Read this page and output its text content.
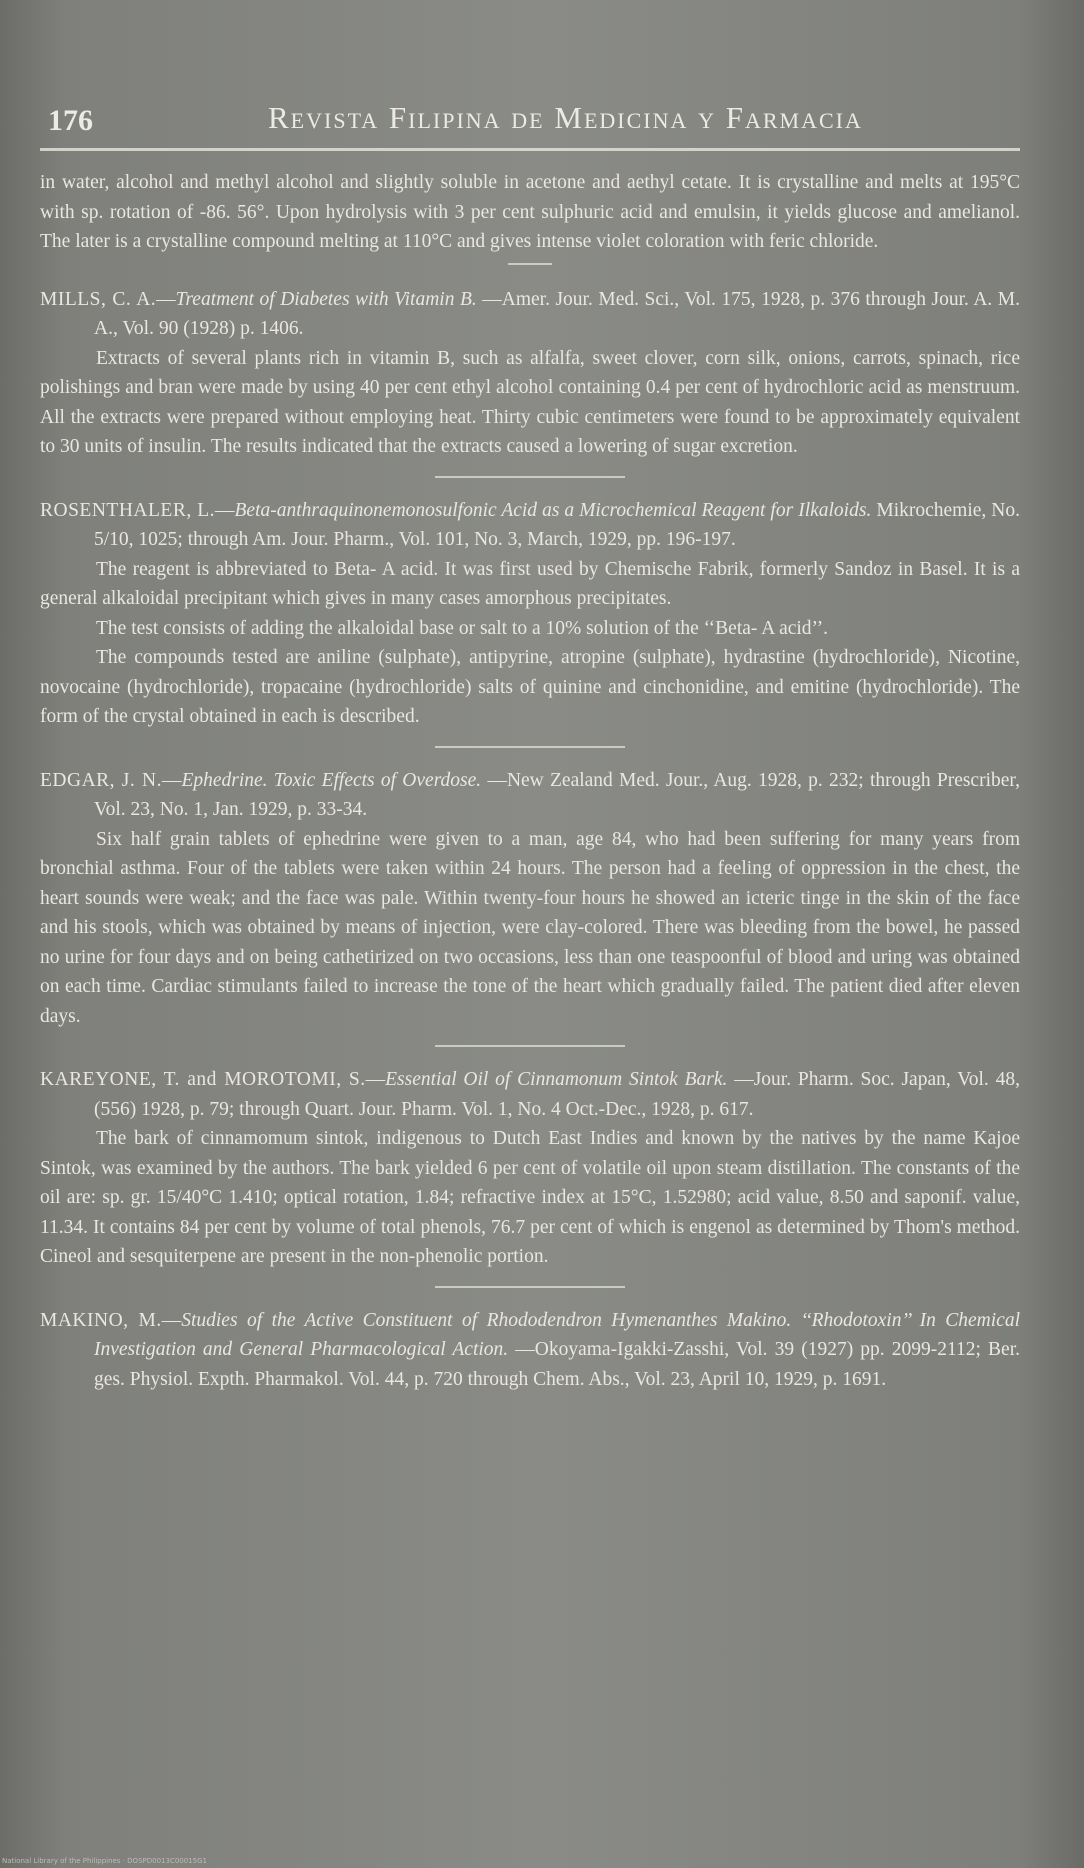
176	Revista Filipina de Medicina y Farmacia

in water, alcohol and methyl alcohol and slightly soluble in acetone and aethyl cetate. It is crystalline and melts at 195°C with sp. rotation of -86. 56°. Upon hydrolysis with 3 per cent sulphuric acid and emulsin, it yields glucose and amelianol. The later is a crystalline compound melting at 110°C and gives intense violet coloration with feric chloride.

MILLS, C. A.—Treatment of Diabetes with Vitamin B. —Amer. Jour. Med. Sci., Vol. 175, 1928, p. 376 through Jour. A. M. A., Vol. 90 (1928) p. 1406.

Extracts of several plants rich in vitamin B, such as alfalfa, sweet clover, corn silk, onions, carrots, spinach, rice polishings and bran were made by using 40 per cent ethyl alcohol containing 0.4 per cent of hydrochloric acid as menstruum. All the extracts were prepared without employing heat. Thirty cubic centimeters were found to be approximately equivalent to 30 units of insulin. The results indicated that the extracts caused a lowering of sugar excretion.

ROSENTHALER, L.—Beta-anthraquinonemonosulfonic Acid as a Microchemical Reagent for Ilkaloids. Mikrochemie, No. 5/10, 1025; through Am. Jour. Pharm., Vol. 101, No. 3, March, 1929, pp. 196-197.

The reagent is abbreviated to Beta- A acid. It was first used by Chemische Fabrik, formerly Sandoz in Basel. It is a general alkaloidal precipitant which gives in many cases amorphous precipitates.

The test consists of adding the alkaloidal base or salt to a 10% solution of the ‘‘Beta- A acid’’.

The compounds tested are aniline (sulphate), antipyrine, atropine (sulphate), hydrastine (hydrochloride), Nicotine, novocaine (hydrochloride), tropacaine (hydrochloride) salts of quinine and cinchonidine, and emitine (hydrochloride). The form of the crystal obtained in each is described.

EDGAR, J. N.—Ephedrine. Toxic Effects of Overdose. —New Zealand Med. Jour., Aug. 1928, p. 232; through Prescriber, Vol. 23, No. 1, Jan. 1929, p. 33-34.

Six half grain tablets of ephedrine were given to a man, age 84, who had been suffering for many years from bronchial asthma. Four of the tablets were taken within 24 hours. The person had a feeling of oppression in the chest, the heart sounds were weak; and the face was pale. Within twenty-four hours he showed an icteric tinge in the skin of the face and his stools, which was obtained by means of injection, were clay-colored. There was bleeding from the bowel, he passed no urine for four days and on being cathetirized on two occasions, less than one teaspoonful of blood and uring was obtained on each time. Cardiac stimulants failed to increase the tone of the heart which gradually failed. The patient died after eleven days.

KAREYONE, T. and MOROTOMI, S.—Essential Oil of Cinnamonum Sintok Bark. —Jour. Pharm. Soc. Japan, Vol. 48, (556) 1928, p. 79; through Quart. Jour. Pharm. Vol. 1, No. 4 Oct.-Dec., 1928, p. 617.

The bark of cinnamomum sintok, indigenous to Dutch East Indies and known by the natives by the name Kajoe Sintok, was examined by the authors. The bark yielded 6 per cent of volatile oil upon steam distillation. The constants of the oil are: sp. gr. 15/40°C 1.410; optical rotation, 1.84; refractive index at 15°C, 1.52980; acid value, 8.50 and saponif. value, 11.34. It contains 84 per cent by volume of total phenols, 76.7 per cent of which is engenol as determined by Thom's method. Cineol and sesquiterpene are present in the non-phenolic portion.

MAKINO, M.—Studies of the Active Constituent of Rhododendron Hymenanthes Makino. ‘‘Rhodotoxin’’ In Chemical Investigation and General Pharmacological Action. —Okoyama-Igakki-Zasshi, Vol. 39 (1927) pp. 2099-2112; Ber. ges. Physiol. Expth. Pharmakol. Vol. 44, p. 720 through Chem. Abs., Vol. 23, April 10, 1929, p. 1691.

National Library of the Philippines · DOSPD0013C00015G1
